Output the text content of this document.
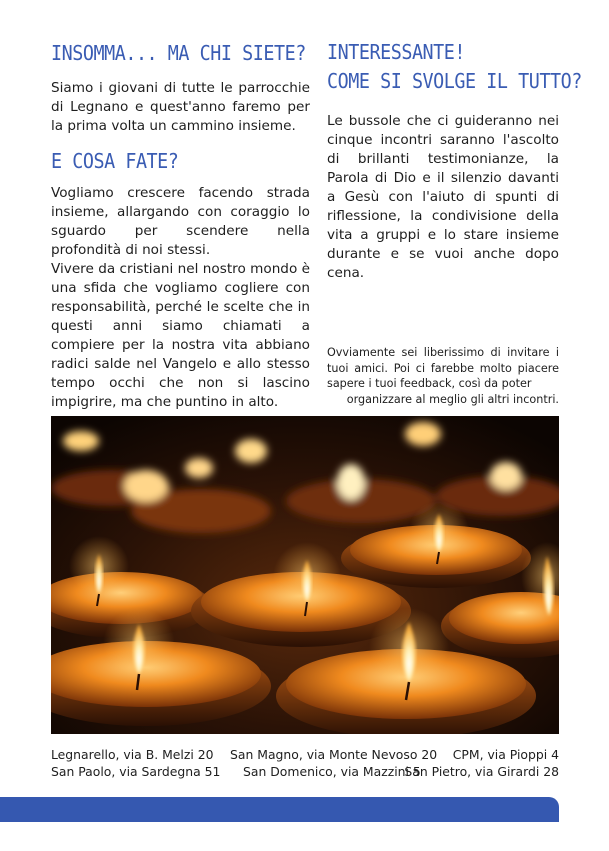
INSOMMA... MA CHI SIETE?

Siamo i giovani di tutte le parrocchie di Legnano e quest'anno faremo per la prima volta un cammino insieme.

E COSA FATE?

Vogliamo crescere facendo strada insieme, allargando con coraggio lo sguardo per scendere nella profondità di noi stessi.

Vivere da cristiani nel nostro mondo è una sfida che vogliamo cogliere con responsabilità, perché le scelte che in questi anni siamo chiamati a compiere per la nostra vita abbiano radici salde nel Vangelo e allo stesso tempo occhi che non si lascino impigrire, ma che puntino in alto.

INTERESSANTE!
COME SI SVOLGE IL TUTTO?

Le bussole che ci guideranno nei cinque incontri saranno l'ascolto di brillanti testimonianze, la Parola di Dio e il silenzio davanti a Gesù con l'aiuto di spunti di riflessione, la condivisione della vita a gruppi e lo stare insieme durante e se vuoi anche dopo cena.

Ovviamente sei liberissimo di invitare i tuoi amici. Poi ci farebbe molto piacere sapere i tuoi feedback, così da poter
organizzare al meglio gli altri incontri.

Legnarello, via B. Melzi 20 San Magno, via Monte Nevoso 20 CPM, via Pioppi 4
San Paolo, via Sardegna 51 San Domenico, via Mazzini 5
San Pietro, via Girardi 28
